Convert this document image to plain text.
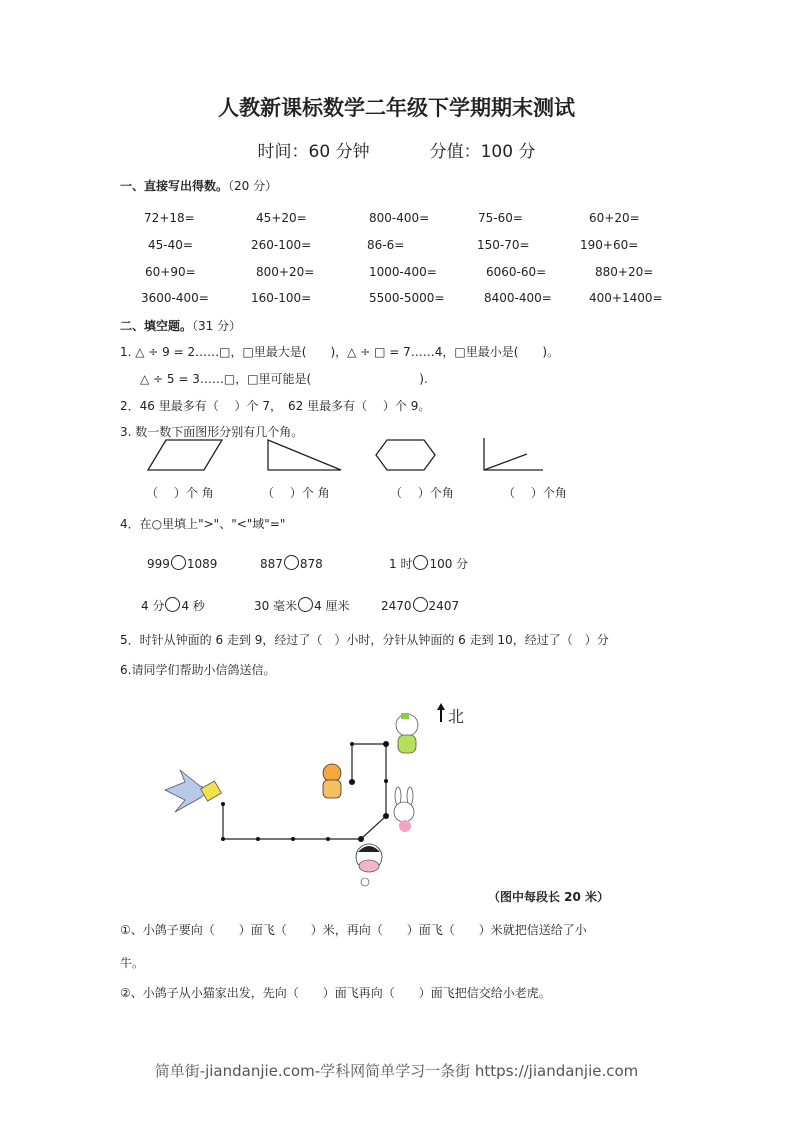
人教新课标数学二年级下学期期末测试
时间：60 分钟	分值：100 分
一、直接写出得数。（20 分）
72+18=	45+20=	800-400=	75-60=	60+20=
45-40=	260-100=	86-6=	150-70=	190+60=
60+90=	800+20=	1000-400=	6060-60=	880+20=
3600-400=	160-100=	5500-5000=	8400-400=	400+1400=
二、填空题。（31 分）
1. △ ÷ 9 = 2……□，□里最大是(　　)，△ ÷ □ = 7……4，□里最小是(　　)。
△ ÷ 5 = 3……□，□里可能是(　　　　　　　　　).
2．46 里最多有（　 ）个 7，　62 里最多有（　 ）个 9。
3. 数一数下面图形分别有几个角。
（　 ）个 角	（　 ）个 角	（　 ）个角	（　 ）个角
4．在○里填上">"、"<"域"="
999 1089	887 878	1 时 100 分
4 分 4 秒	30 毫米 4 厘米	2470 2407
5．时针从钟面的 6 走到 9，经过了（　）小时，分针从钟面的 6 走到 10，经过了（　）分
6.请同学们帮助小信鸽送信。
北
（图中每段长 20 米）
①、小鸽子要向（　　）面飞（　　）米，再向（　　）面飞（　　）米就把信送给了小
牛。
②、小鸽子从小猫家出发，先向（　　）面飞再向（　　）面飞把信交给小老虎。
简单街-jiandanjie.com-学科网简单学习一条街 https://jiandanjie.com
